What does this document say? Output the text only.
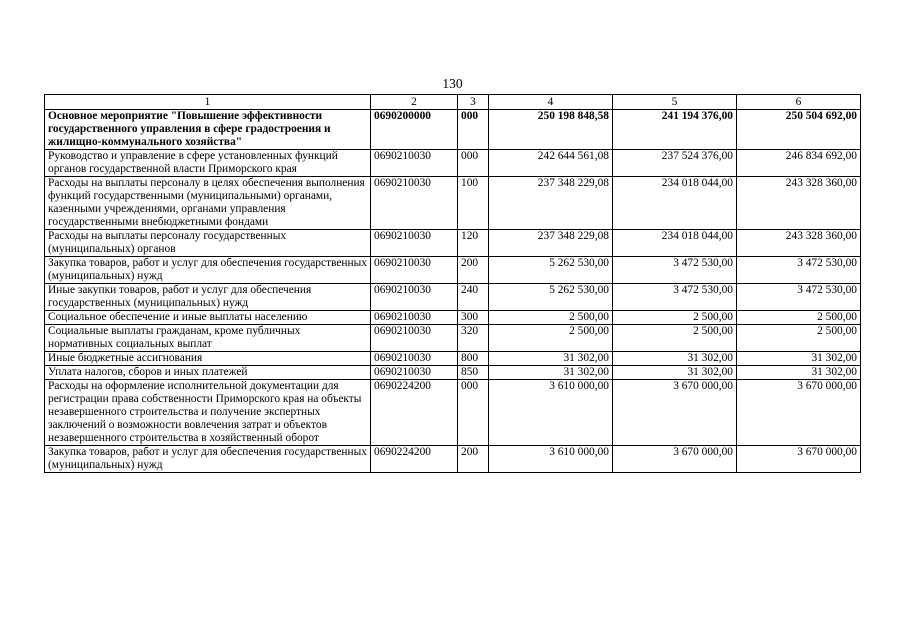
130
1	2	3	4	5	6
Основное мероприятие "Повышение эффективности государственного управления в сфере градостроения и жилищно-коммунального хозяйства"	0690200000	000	250 198 848,58	241 194 376,00	250 504 692,00
Руководство и управление в сфере установленных функций органов государственной власти Приморского края	0690210030	000	242 644 561,08	237 524 376,00	246 834 692,00
Расходы на выплаты персоналу в целях обеспечения выполнения функций государственными (муниципальными) органами, казенными учреждениями, органами управления государственными внебюджетными фондами	0690210030	100	237 348 229,08	234 018 044,00	243 328 360,00
Расходы на выплаты персоналу государственных (муниципальных) органов	0690210030	120	237 348 229,08	234 018 044,00	243 328 360,00
Закупка товаров, работ и услуг для обеспечения государственных (муниципальных) нужд	0690210030	200	5 262 530,00	3 472 530,00	3 472 530,00
Иные закупки товаров, работ и услуг для обеспечения государственных (муниципальных) нужд	0690210030	240	5 262 530,00	3 472 530,00	3 472 530,00
Социальное обеспечение и иные выплаты населению	0690210030	300	2 500,00	2 500,00	2 500,00
Социальные выплаты гражданам, кроме публичных нормативных социальных выплат	0690210030	320	2 500,00	2 500,00	2 500,00
Иные бюджетные ассигнования	0690210030	800	31 302,00	31 302,00	31 302,00
Уплата налогов, сборов и иных платежей	0690210030	850	31 302,00	31 302,00	31 302,00
Расходы на оформление исполнительной документации для регистрации права собственности Приморского края на объекты незавершенного строительства и получение экспертных заключений о возможности вовлечения затрат и объектов незавершенного строительства в хозяйственный оборот	0690224200	000	3 610 000,00	3 670 000,00	3 670 000,00
Закупка товаров, работ и услуг для обеспечения государственных (муниципальных) нужд	0690224200	200	3 610 000,00	3 670 000,00	3 670 000,00
